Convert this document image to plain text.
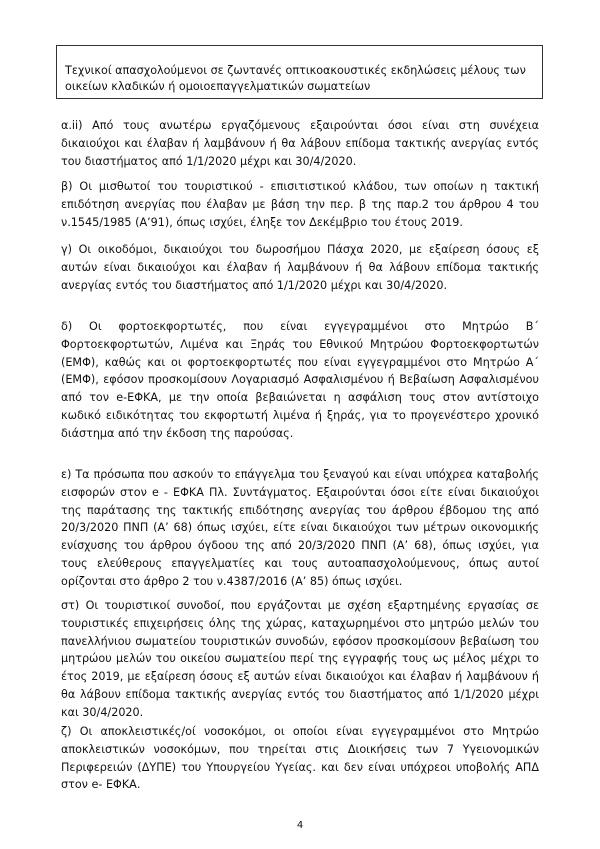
Τεχνικοί απασχολούμενοι σε ζωντανές οπτικοακουστικές εκδηλώσεις μέλους των οικείων κλαδικών ή ομοιοεπαγγελματικών σωματείων

α.ii) Από τους ανωτέρω εργαζόμενους εξαιρούνται όσοι είναι στη συνέχεια δικαιούχοι και έλαβαν ή λαμβάνουν ή θα λάβουν επίδομα τακτικής ανεργίας εντός του διαστήματος από 1/1/2020 μέχρι και 30/4/2020.

β) Οι μισθωτοί του τουριστικού - επισιτιστικού κλάδου, των οποίων η τακτική επιδότηση ανεργίας που έλαβαν με βάση την περ. β της παρ.2 του άρθρου 4 του ν.1545/1985 (Α’91), όπως ισχύει, έληξε τον Δεκέμβριο του έτους 2019.

γ) Οι οικοδόμοι, δικαιούχοι του δωροσήμου Πάσχα 2020, με εξαίρεση όσους εξ αυτών είναι δικαιούχοι και έλαβαν ή λαμβάνουν ή θα λάβουν επίδομα τακτικής ανεργίας εντός του διαστήματος από 1/1/2020 μέχρι και 30/4/2020.

δ) Οι φορτοεκφορτωτές, που είναι εγγεγραμμένοι στο Μητρώο Β΄ Φορτοεκφορτωτών, Λιμένα και Ξηράς του Εθνικού Μητρώου Φορτοεκφορτωτών (ΕΜΦ), καθώς και οι φορτοεκφορτωτές που είναι εγγεγραμμένοι στο Μητρώο Α΄ (ΕΜΦ), εφόσον προσκομίσουν Λογαριασμό Ασφαλισμένου ή Βεβαίωση Ασφαλισμένου από τον e-ΕΦΚΑ, με την οποία βεβαιώνεται η ασφάλιση τους στον αντίστοιχο κωδικό ειδικότητας του εκφορτωτή λιμένα ή ξηράς, για το προγενέστερο χρονικό διάστημα από την έκδοση της παρούσας.

ε) Τα πρόσωπα που ασκούν το επάγγελμα του ξεναγού και είναι υπόχρεα καταβολής εισφορών στον e - ΕΦΚΑ Πλ. Συντάγματος. Εξαιρούνται όσοι είτε είναι δικαιούχοι της παράτασης της τακτικής επιδότησης ανεργίας του άρθρου έβδομου της από 20/3/2020 ΠΝΠ (Α’ 68) όπως ισχύει, είτε είναι δικαιούχοι των μέτρων οικονομικής ενίσχυσης του άρθρου όγδοου της από 20/3/2020 ΠΝΠ (Α’ 68), όπως ισχύει, για τους ελεύθερους επαγγελματίες και τους αυτοαπασχολούμενους, όπως αυτοί ορίζονται στο άρθρο 2 του ν.4387/2016 (Α’ 85) όπως ισχύει.

στ) Οι τουριστικοί συνοδοί, που εργάζονται με σχέση εξαρτημένης εργασίας σε τουριστικές επιχειρήσεις όλης της χώρας, καταχωρημένοι στο μητρώο μελών του πανελλήνιου σωματείου τουριστικών συνοδών, εφόσον προσκομίσουν βεβαίωση του μητρώου μελών του οικείου σωματείου περί της εγγραφής τους ως μέλος μέχρι το έτος 2019, με εξαίρεση όσους εξ αυτών είναι δικαιούχοι και έλαβαν ή λαμβάνουν ή θα λάβουν επίδομα τακτικής ανεργίας εντός του διαστήματος από 1/1/2020 μέχρι και 30/4/2020.

ζ) Οι αποκλειστικές/οί νοσοκόμοι, οι οποίοι είναι εγγεγραμμένοι στο Μητρώο αποκλειστικών νοσοκόμων, που τηρείται στις Διοικήσεις των 7 Υγειονομικών Περιφερειών (ΔΥΠΕ) του Υπουργείου Υγείας. και δεν είναι υπόχρεοι υποβολής ΑΠΔ στον e- ΕΦΚΑ.

4
